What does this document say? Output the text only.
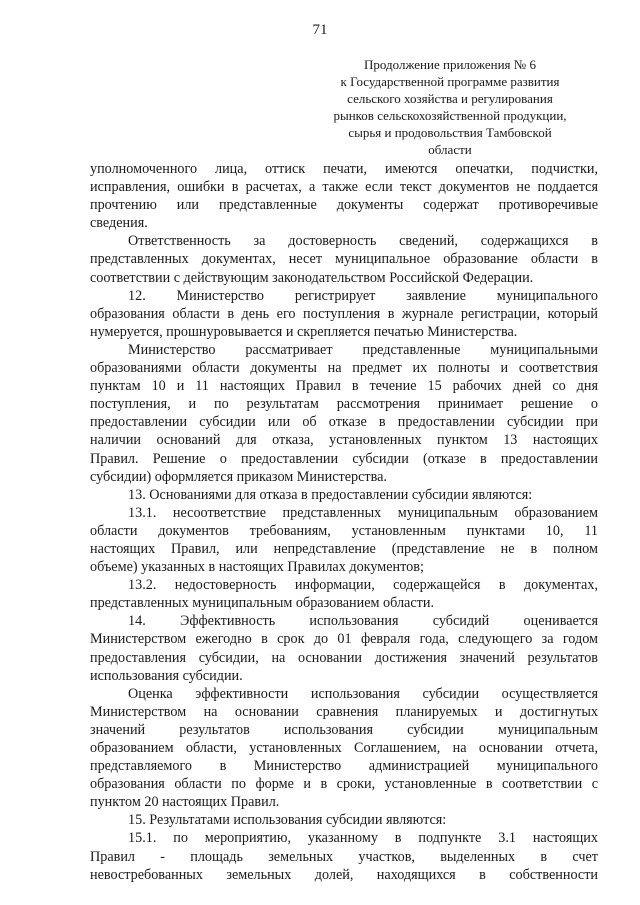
71
Продолжение приложения № 6
к Государственной программе развития
сельского хозяйства и регулирования
рынков сельскохозяйственной продукции,
сырья и продовольствия Тамбовской
области
уполномоченного лица, оттиск печати, имеются опечатки, подчистки,
исправления, ошибки в расчетах, а также если текст документов не поддается
прочтению или представленные документы содержат противоречивые
сведения.
Ответственность за достоверность сведений, содержащихся в
представленных документах, несет муниципальное образование области в
соответствии с действующим законодательством Российской Федерации.
12. Министерство регистрирует заявление муниципального
образования области в день его поступления в журнале регистрации, который
нумеруется, прошнуровывается и скрепляется печатью Министерства.
Министерство рассматривает представленные муниципальными
образованиями области документы на предмет их полноты и соответствия
пунктам 10 и 11 настоящих Правил в течение 15 рабочих дней со дня
поступления, и по результатам рассмотрения принимает решение о
предоставлении субсидии или об отказе в предоставлении субсидии при
наличии оснований для отказа, установленных пунктом 13 настоящих
Правил. Решение о предоставлении субсидии (отказе в предоставлении
субсидии) оформляется приказом Министерства.
13. Основаниями для отказа в предоставлении субсидии являются:
13.1. несоответствие представленных муниципальным образованием
области документов требованиям, установленным пунктами 10, 11
настоящих Правил, или непредставление (представление не в полном
объеме) указанных в настоящих Правилах документов;
13.2. недостоверность информации, содержащейся в документах,
представленных муниципальным образованием области.
14. Эффективность использования субсидий оценивается
Министерством ежегодно в срок до 01 февраля года, следующего за годом
предоставления субсидии, на основании достижения значений результатов
использования субсидии.
Оценка эффективности использования субсидии осуществляется
Министерством на основании сравнения планируемых и достигнутых
значений результатов использования субсидии муниципальным
образованием области, установленных Соглашением, на основании отчета,
представляемого в Министерство администрацией муниципального
образования области по форме и в сроки, установленные в соответствии с
пунктом 20 настоящих Правил.
15. Результатами использования субсидии являются:
15.1. по мероприятию, указанному в подпункте 3.1 настоящих
Правил - площадь земельных участков, выделенных в счет
невостребованных земельных долей, находящихся в собственности
